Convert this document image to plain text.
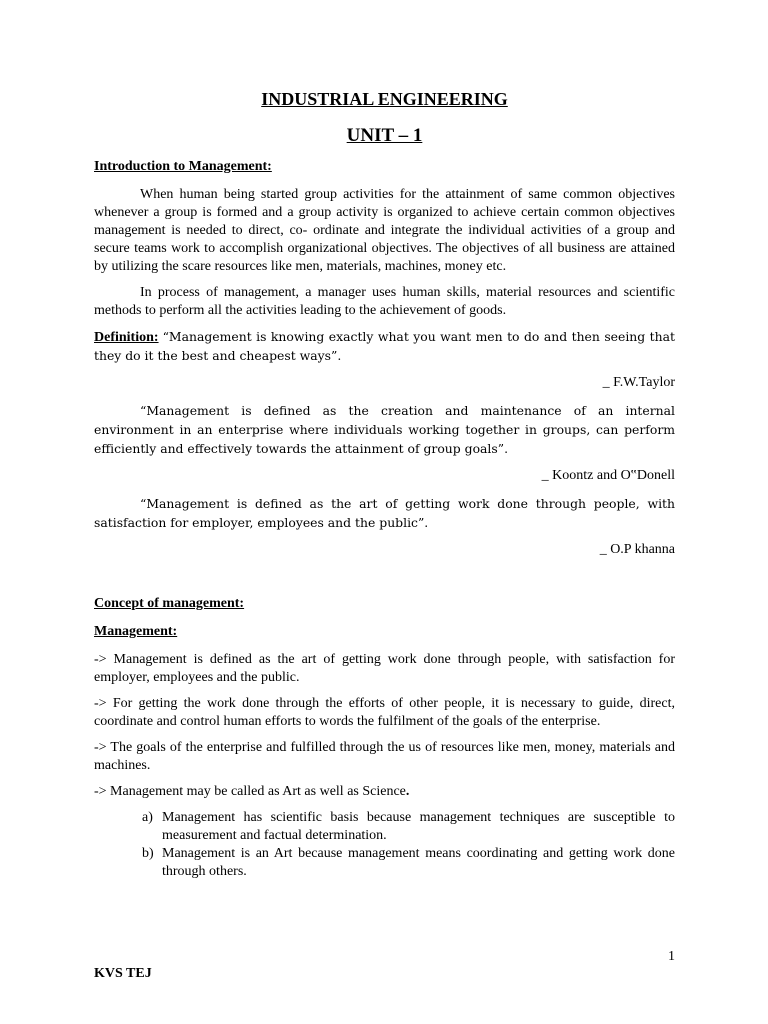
INDUSTRIAL ENGINEERING
UNIT – 1
Introduction to Management:

When human being started group activities for the attainment of same common objectives whenever a group is formed and a group activity is organized to achieve certain common objectives management is needed to direct, co- ordinate and integrate the individual activities of a group and secure teams work to accomplish organizational objectives. The objectives of all business are attained by utilizing the scare resources like men, materials, machines, money etc.

In process of management, a manager uses human skills, material resources and scientific methods to perform all the activities leading to the achievement of goods.

Definition: “Management is knowing exactly what you want men to do and then seeing that they do it the best and cheapest ways”.

_ F.W.Taylor

“Management is defined as the creation and maintenance of an internal environment in an enterprise where individuals working together in groups, can perform efficiently and effectively towards the attainment of group goals”.

_ Koontz and O‟Donell

“Management is defined as the art of getting work done through people, with satisfaction for employer, employees and the public”.

_ O.P khanna
Concept of management:
Management:

-> Management is defined as the art of getting work done through people, with satisfaction for employer, employees and the public.

-> For getting the work done through the efforts of other people, it is necessary to guide, direct, coordinate and control human efforts to words the fulfilment of the goals of the enterprise.

-> The goals of the enterprise and fulfilled through the us of resources like men, money, materials and machines.

-> Management may be called as Art as well as Science.

a) Management has scientific basis because management techniques are susceptible to measurement and factual determination.
b) Management is an Art because management means coordinating and getting work done through others.
1
KVS TEJ
